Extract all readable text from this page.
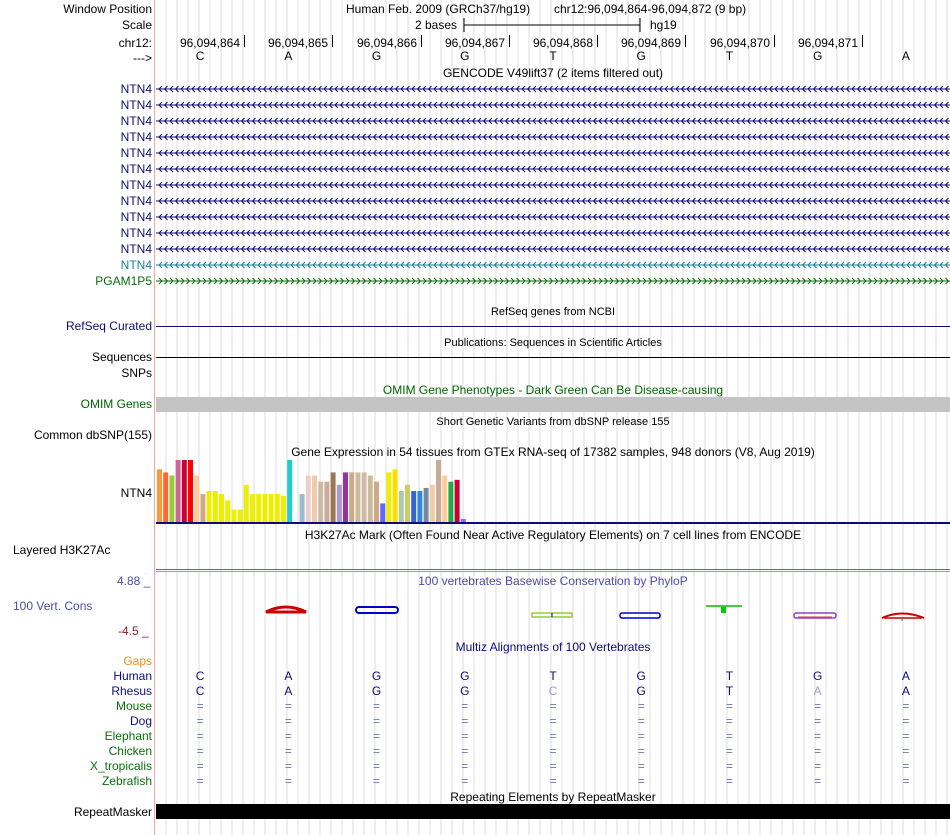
Window Position	Human Feb. 2009 (GRCh37/hg19) chr12:96,094,864-96,094,872 (9 bp)
Scale	2 bases	hg19
chr12: 96,094,864 96,094,865 96,094,866 96,094,867 96,094,868 96,094,869 96,094,870 96,094,871
--->	C	A	G	G	T	G	T	G	A
GENCODE V49lift37 (2 items filtered out)
NTN4
NTN4
NTN4
NTN4
NTN4
NTN4
NTN4
NTN4
NTN4
NTN4
NTN4
NTN4
PGAM1P5
RefSeq genes from NCBI
RefSeq Curated
Publications: Sequences in Scientific Articles
Sequences
SNPs
OMIM Gene Phenotypes - Dark Green Can Be Disease-causing
OMIM Genes
Short Genetic Variants from dbSNP release 155
Common dbSNP(155)
Gene Expression in 54 tissues from GTEx RNA-seq of 17382 samples, 948 donors (V8, Aug 2019)
NTN4
H3K27Ac Mark (Often Found Near Active Regulatory Elements) on 7 cell lines from ENCODE
Layered H3K27Ac
4.88 _	100 vertebrates Basewise Conservation by PhyloP
100 Vert. Cons
-4.5 _
Multiz Alignments of 100 Vertebrates
Gaps
Human	C	A	G	G	T	G	T	G	A
Rhesus	C	A	G	G	C	G	T	A	A
Mouse	=	=	=	=	=	=	=	=	=
Dog	=	=	=	=	=	=	=	=	=
Elephant	=	=	=	=	=	=	=	=	=
Chicken	=	=	=	=	=	=	=	=	=
X_tropicalis	=	=	=	=	=	=	=	=	=
Zebrafish	=	=	=	=	=	=	=	=	=
Repeating Elements by RepeatMasker
RepeatMasker
